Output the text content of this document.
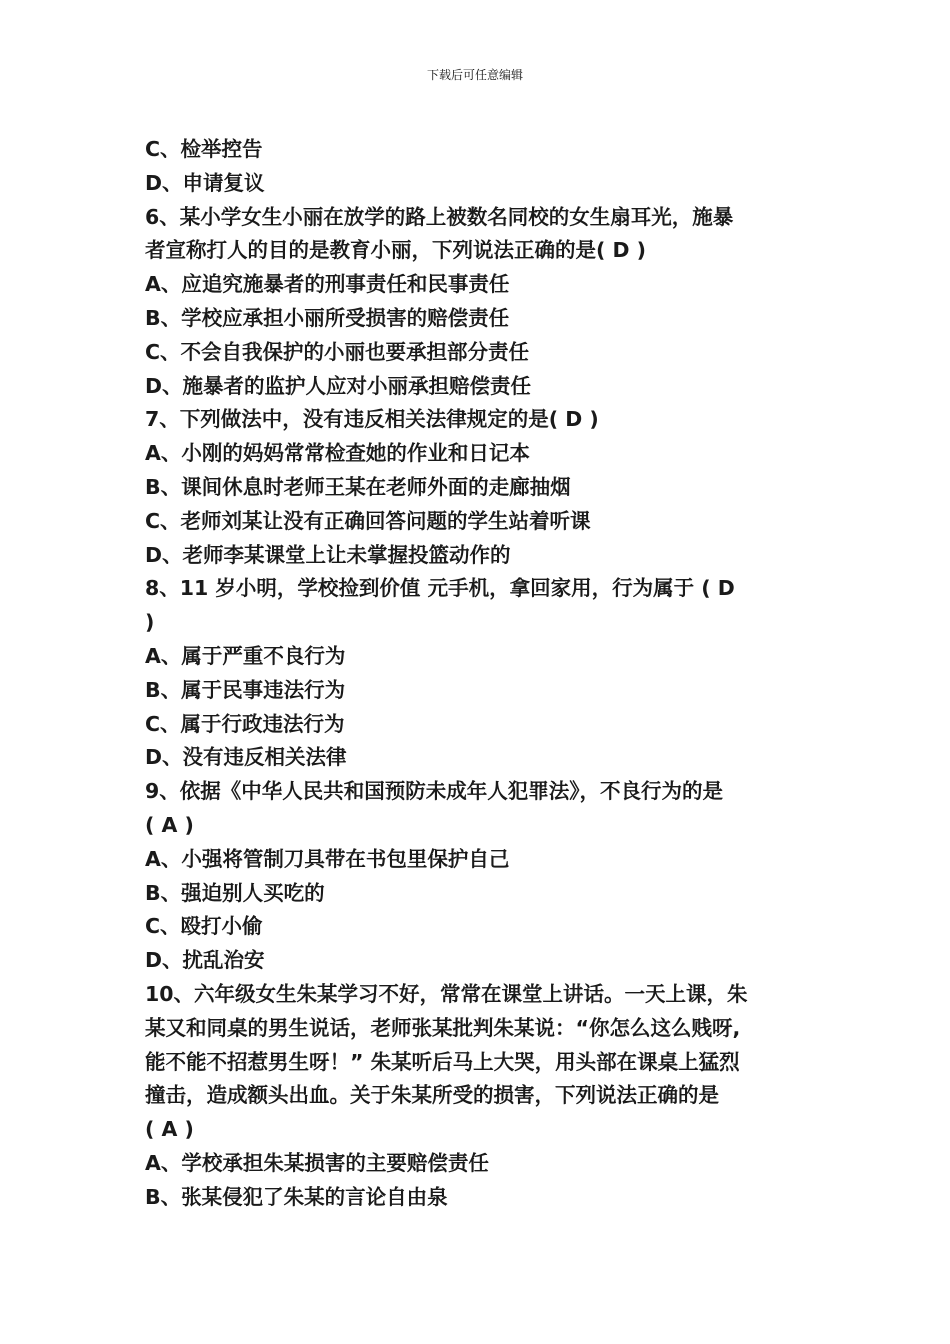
下载后可任意编辑
C、检举控告
D、申请复议
6、某小学女生小丽在放学的路上被数名同校的女生扇耳光，施暴
者宣称打人的目的是教育小丽，下列说法正确的是( D )
A、应追究施暴者的刑事责任和民事责任
B、学校应承担小丽所受损害的赔偿责任
C、不会自我保护的小丽也要承担部分责任
D、施暴者的监护人应对小丽承担赔偿责任
7、下列做法中，没有违反相关法律规定的是( D )
A、小刚的妈妈常常检查她的作业和日记本
B、课间休息时老师王某在老师外面的走廊抽烟
C、老师刘某让没有正确回答问题的学生站着听课
D、老师李某课堂上让未掌握投篮动作的
8、11 岁小明，学校捡到价值 元手机，拿回家用，行为属于 ( D
)
A、属于严重不良行为
B、属于民事违法行为
C、属于行政违法行为
D、没有违反相关法律
9、依据《中华人民共和国预防未成年人犯罪法》，不良行为的是
( A )
A、小强将管制刀具带在书包里保护自己
B、强迫别人买吃的
C、殴打小偷
D、扰乱治安
10、六年级女生朱某学习不好，常常在课堂上讲话。一天上课，朱
某又和同桌的男生说话，老师张某批判朱某说：“你怎么这么贱呀,
能不能不招惹男生呀！” 朱某听后马上大哭，用头部在课桌上猛烈
撞击，造成额头出血。关于朱某所受的损害，下列说法正确的是
( A )
A、学校承担朱某损害的主要赔偿责任
B、张某侵犯了朱某的言论自由泉
